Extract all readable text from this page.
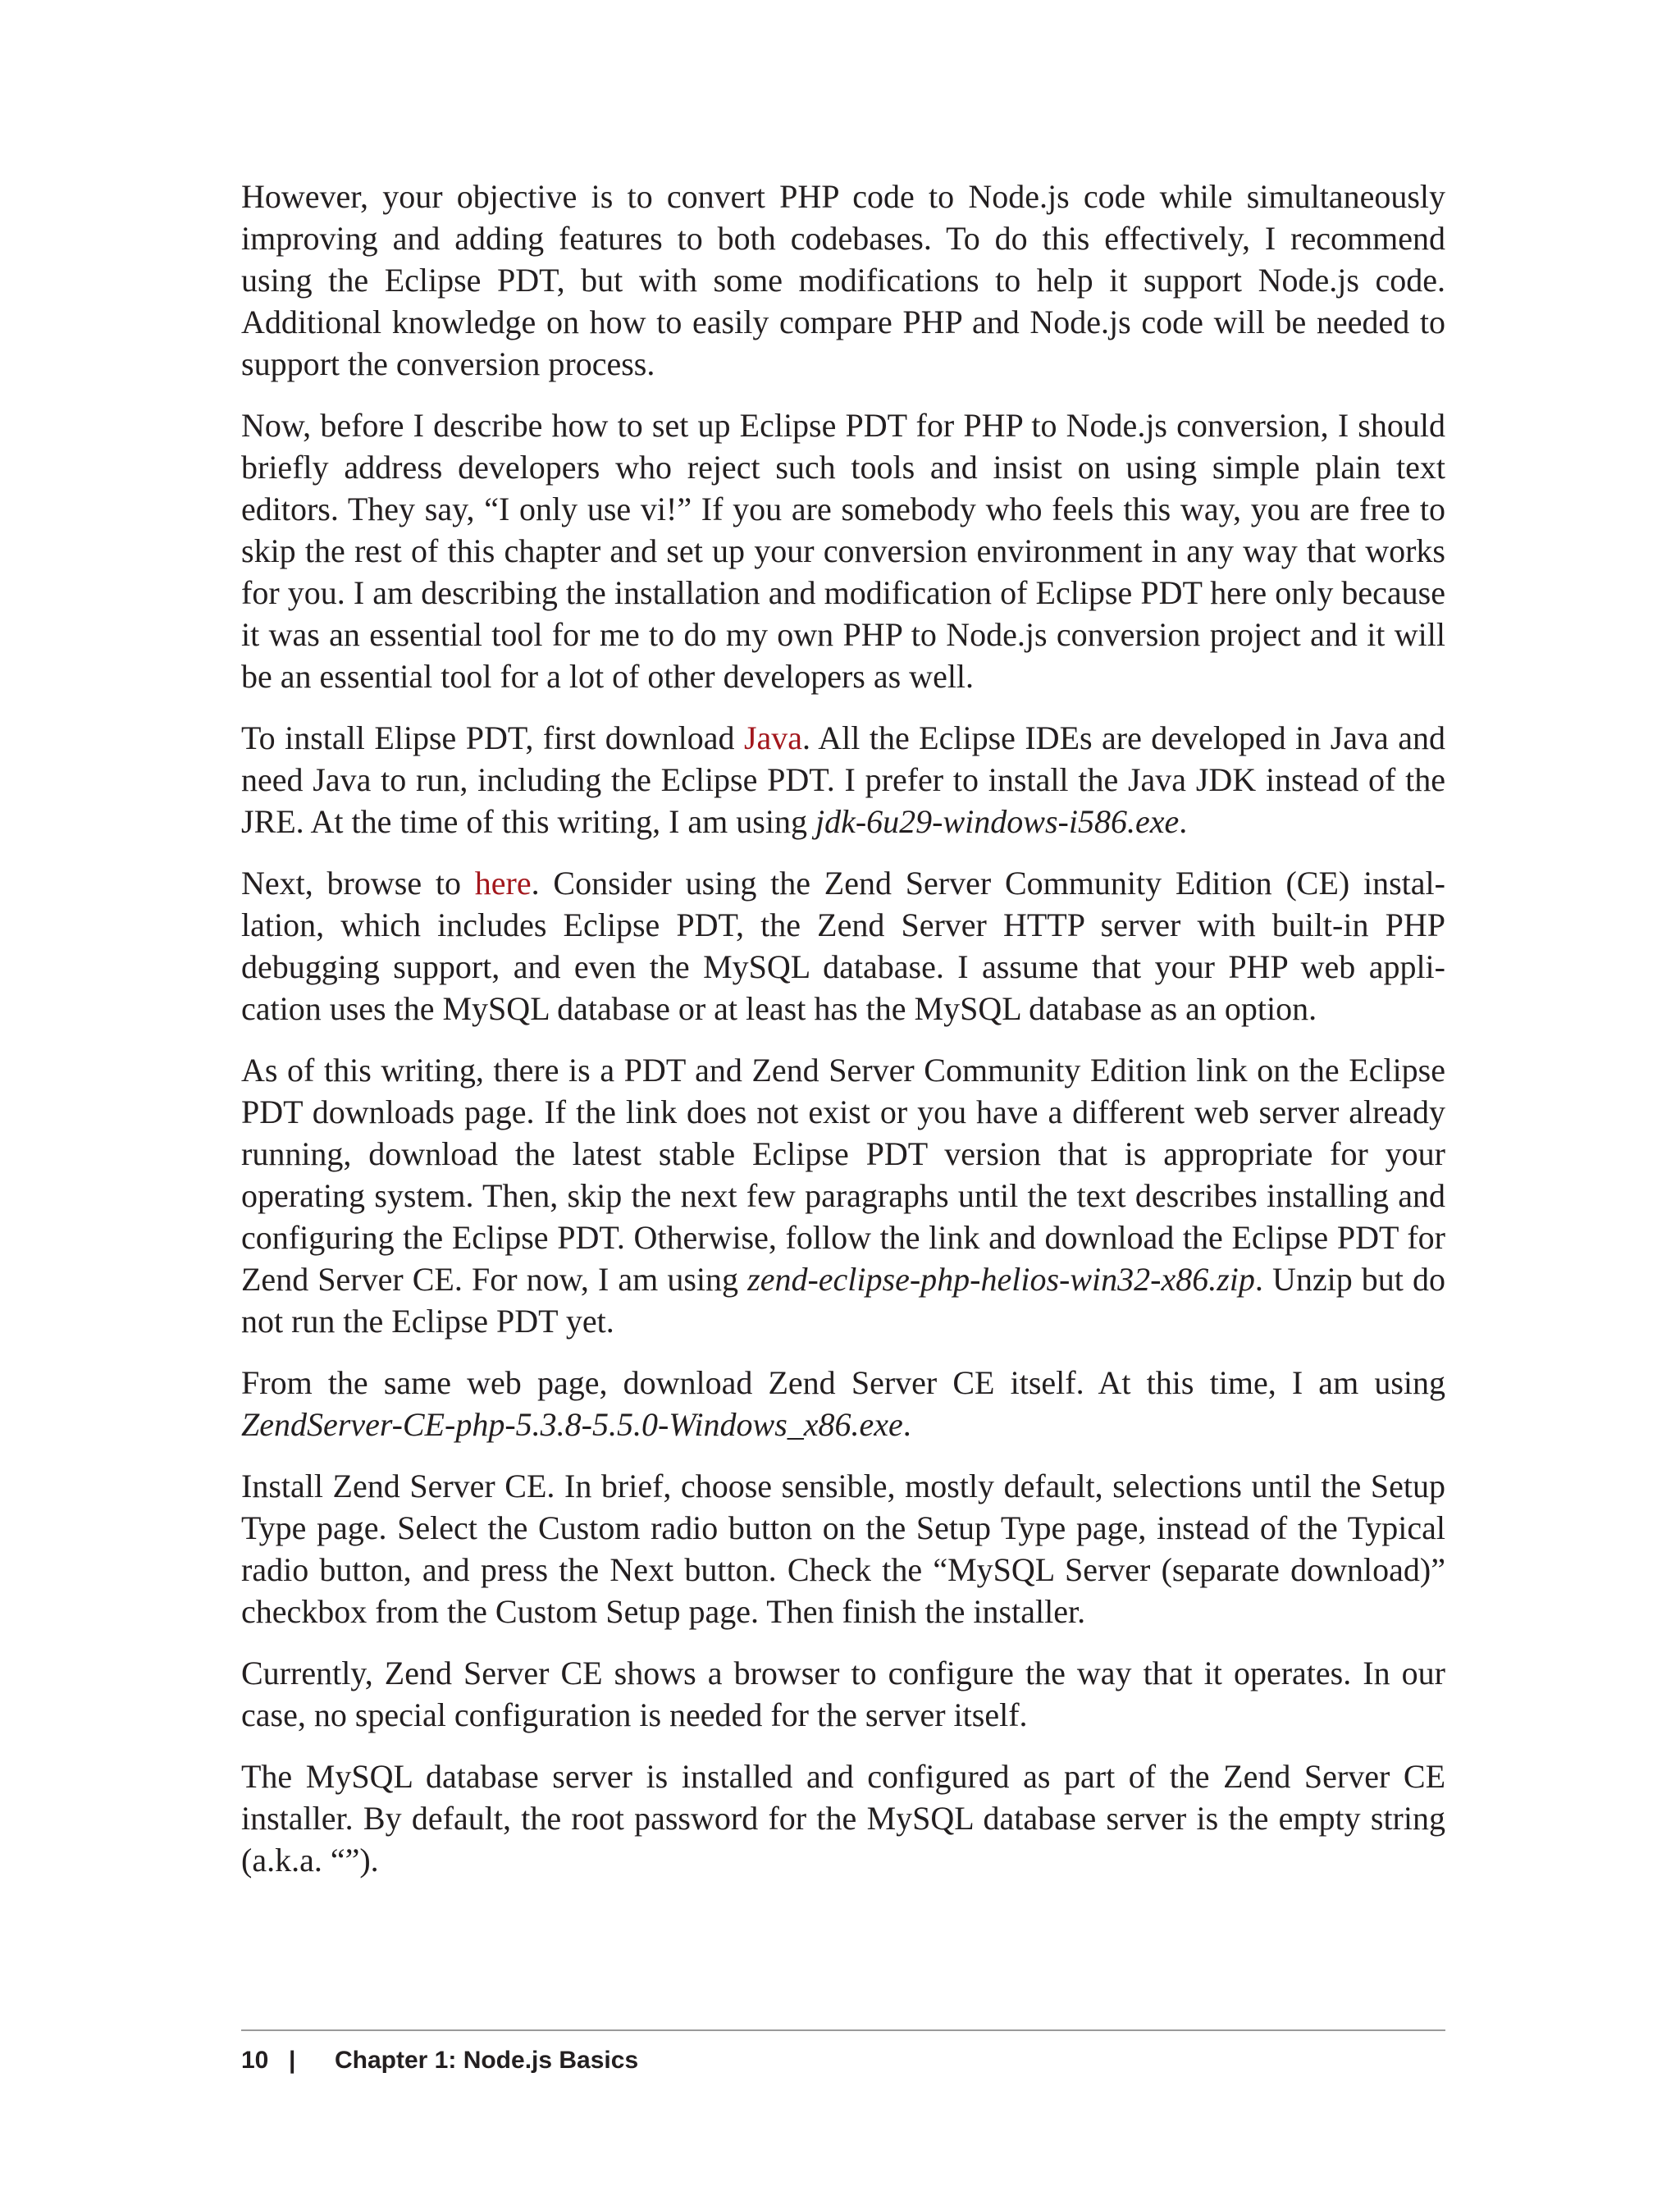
However, your objective is to convert PHP code to Node.js code while simultaneously improving and adding features to both codebases. To do this effectively, I recommend using the Eclipse PDT, but with some modifications to help it support Node.js code. Additional knowledge on how to easily compare PHP and Node.js code will be needed to support the conversion process.

Now, before I describe how to set up Eclipse PDT for PHP to Node.js conversion, I should briefly address developers who reject such tools and insist on using simple plain text editors. They say, “I only use vi!” If you are somebody who feels this way, you are free to skip the rest of this chapter and set up your conversion environment in any way that works for you. I am describing the installation and modification of Eclipse PDT here only because it was an essential tool for me to do my own PHP to Node.js conversion project and it will be an essential tool for a lot of other developers as well.

To install Elipse PDT, first download Java. All the Eclipse IDEs are developed in Java and need Java to run, including the Eclipse PDT. I prefer to install the Java JDK instead of the JRE. At the time of this writing, I am using jdk-6u29-windows-i586.exe.

Next, browse to here. Consider using the Zend Server Community Edition (CE) installation, which includes Eclipse PDT, the Zend Server HTTP server with built-in PHP debugging support, and even the MySQL database. I assume that your PHP web application uses the MySQL database or at least has the MySQL database as an option.

As of this writing, there is a PDT and Zend Server Community Edition link on the Eclipse PDT downloads page. If the link does not exist or you have a different web server already running, download the latest stable Eclipse PDT version that is appropriate for your operating system. Then, skip the next few paragraphs until the text describes installing and configuring the Eclipse PDT. Otherwise, follow the link and download the Eclipse PDT for Zend Server CE. For now, I am using zend-eclipse-php-helios-win32-x86.zip. Unzip but do not run the Eclipse PDT yet.

From the same web page, download Zend Server CE itself. At this time, I am using ZendServer-CE-php-5.3.8-5.5.0-Windows_x86.exe.

Install Zend Server CE. In brief, choose sensible, mostly default, selections until the Setup Type page. Select the Custom radio button on the Setup Type page, instead of the Typical radio button, and press the Next button. Check the “MySQL Server (separate download)” checkbox from the Custom Setup page. Then finish the installer.

Currently, Zend Server CE shows a browser to configure the way that it operates. In our case, no special configuration is needed for the server itself.

The MySQL database server is installed and configured as part of the Zend Server CE installer. By default, the root password for the MySQL database server is the empty string (a.k.a. “”).

10 |	Chapter 1: Node.js Basics
